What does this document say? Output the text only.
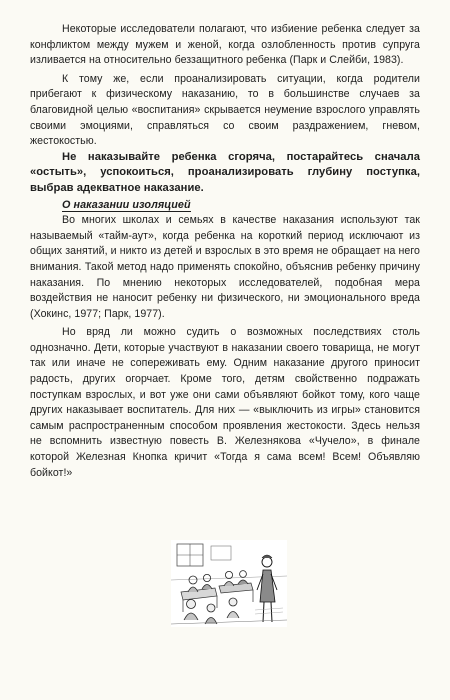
Некоторые исследователи полагают, что избиение ребенка следует за конфликтом между мужем и женой, когда озлобленность против супруга изливается на относительно беззащитного ребенка (Парк и Слейби, 1983).

К тому же, если проанализировать ситуации, когда родители прибегают к физическому наказанию, то в большинстве случаев за благовидной целью «воспитания» скрывается неумение взрослого управлять своими эмоциями, справляться со своим раздражением, гневом, жестокостью.

Не наказывайте ребенка сгоряча, постарайтесь сначала «остыть», успокоиться, проанализировать глубину поступка, выбрав адекватное наказание.

О наказании изоляцией

Во многих школах и семьях в качестве наказания используют так называемый «тайм-аут», когда ребенка на короткий период исключают из общих занятий, и никто из детей и взрослых в это время не обращает на него внимания. Такой метод надо применять спокойно, объяснив ребенку причину наказания. По мнению некоторых исследователей, подобная мера воздействия не наносит ребенку ни физического, ни эмоционального вреда (Хокинс, 1977; Парк, 1977).

Но вряд ли можно судить о возможных последствиях столь однозначно. Дети, которые участвуют в наказании своего товарища, не могут так или иначе не сопереживать ему. Одним наказание другого приносит радость, других огорчает. Кроме того, детям свойственно подражать поступкам взрослых, и вот уже они сами объявляют бойкот тому, кого чаще других наказывает воспитатель. Для них — «выключить из игры» становится самым распространенным способом проявления жестокости. Здесь нельзя не вспомнить известную повесть В. Железнякова «Чучело», в финале которой Железная Кнопка кричит «Тогда я сама всем! Всем! Объявляю бойкот!»
